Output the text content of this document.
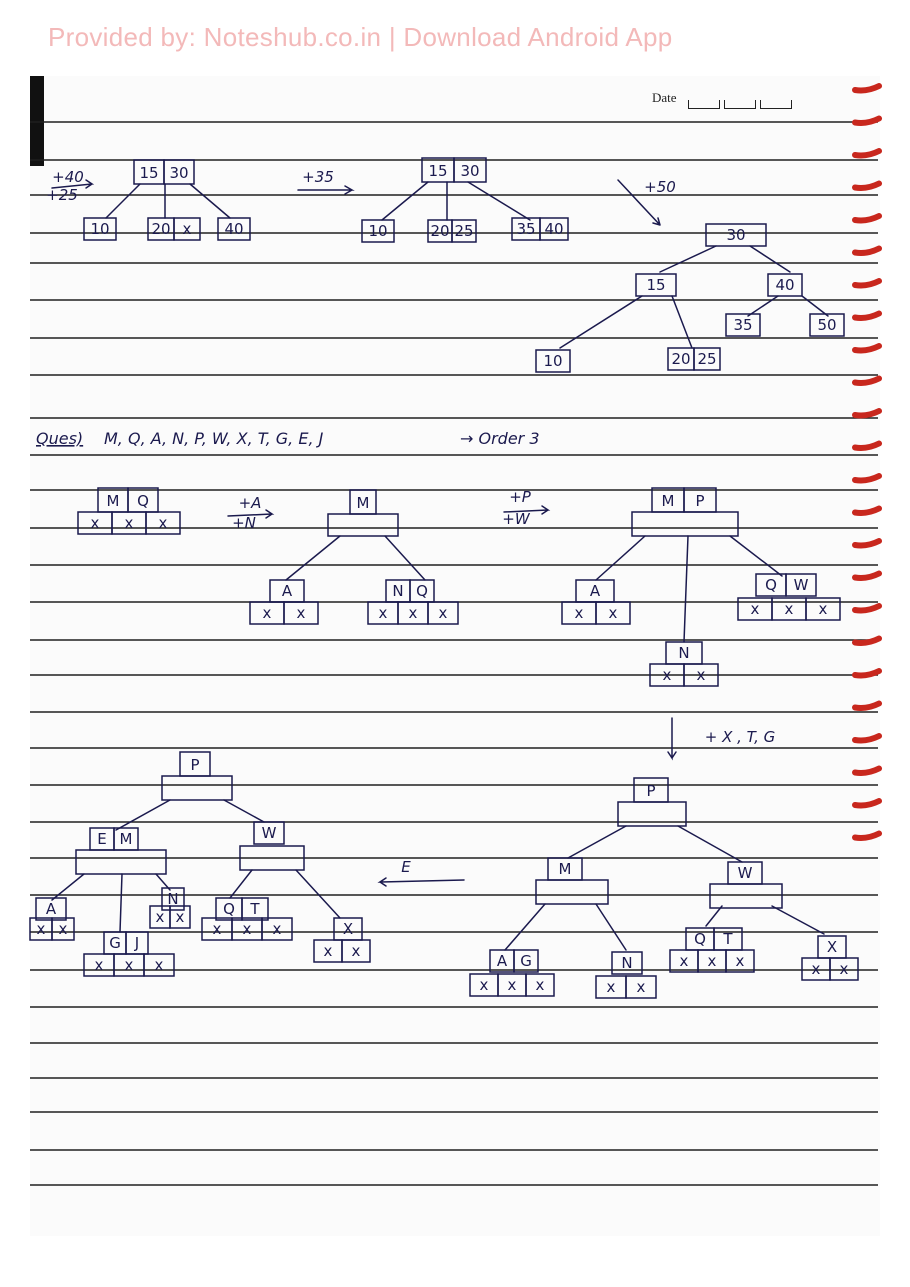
Provided by: Noteshub.co.in | Download Android App
Date
15 30
10	20 x 40
+40
+25
15 30
10	20 25	35 40
+35
+50
30
15	40
10	20 25
35	50
Ques) M, Q, A, N, P, W, X, T, G, E, J	→ Order 3
M Q
x x x
+A
+N
M
A
x x
N Q
x x x
+P
+W
M P
A
x x
N
x x
Q W
x x x
+ X , T, G
P
M	W
A G
x x x
N
x x
Q T
x x x
X
x x
E
P
E M	W
A
x x
G J
x x x
N
x x	Q T
x x x	X
x x
